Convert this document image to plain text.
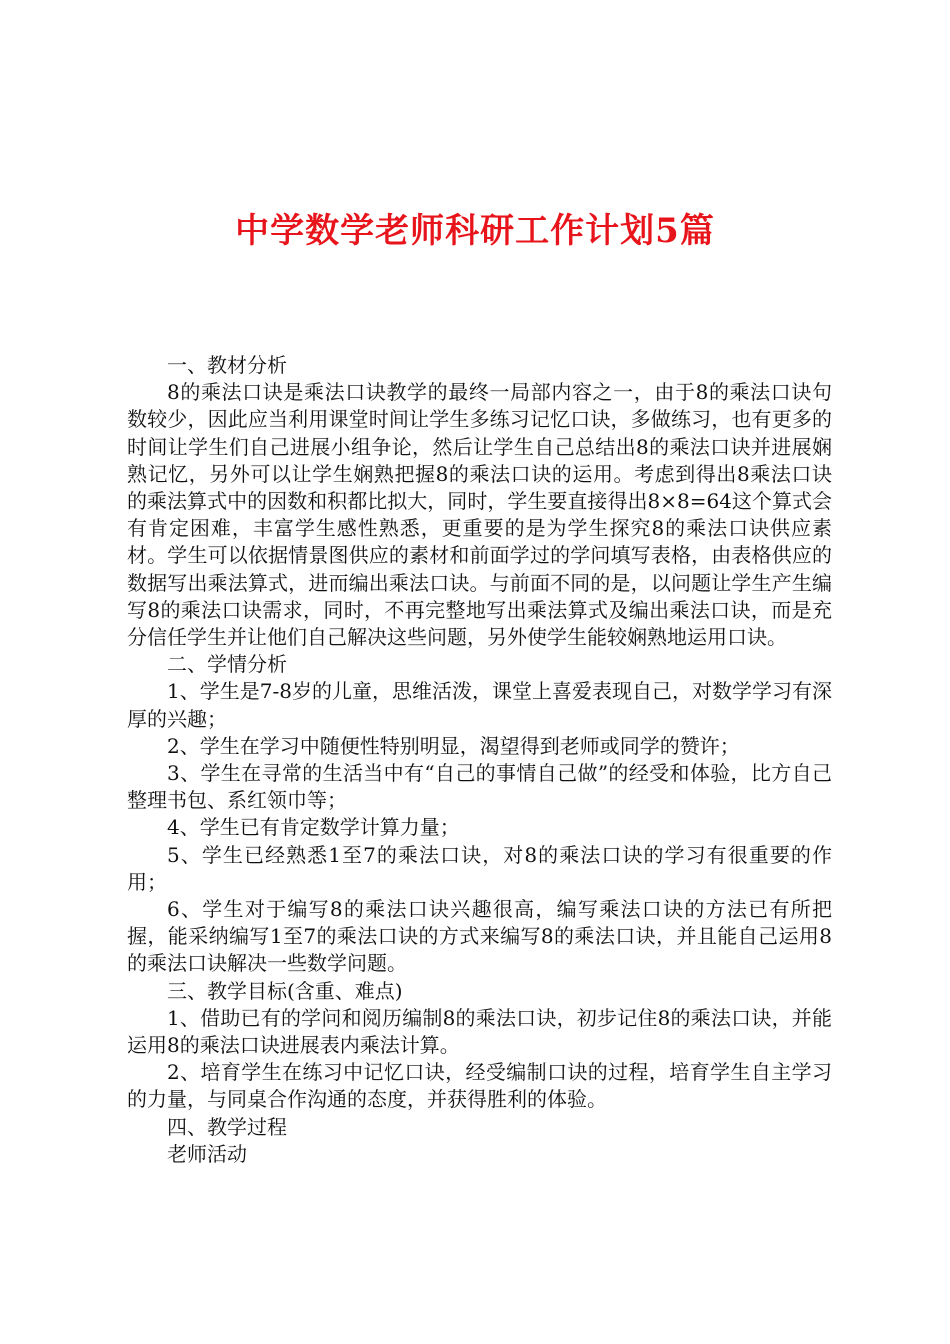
中学数学老师科研工作计划5篇

一、教材分析

8的乘法口诀是乘法口诀教学的最终一局部内容之一，由于8的乘法口诀句数较少，因此应当利用课堂时间让学生多练习记忆口诀，多做练习，也有更多的时间让学生们自己进展小组争论，然后让学生自己总结出8的乘法口诀并进展娴熟记忆，另外可以让学生娴熟把握8的乘法口诀的运用。考虑到得出8乘法口诀的乘法算式中的因数和积都比拟大，同时，学生要直接得出8×8=64这个算式会有肯定困难，丰富学生感性熟悉，更重要的是为学生探究8的乘法口诀供应素材。学生可以依据情景图供应的素材和前面学过的学问填写表格，由表格供应的数据写出乘法算式，进而编出乘法口诀。与前面不同的是，以问题让学生产生编写8的乘法口诀需求，同时，不再完整地写出乘法算式及编出乘法口诀，而是充分信任学生并让他们自己解决这些问题，另外使学生能较娴熟地运用口诀。

二、学情分析

1、学生是7-8岁的儿童，思维活泼，课堂上喜爱表现自己，对数学学习有深厚的兴趣；

2、学生在学习中随便性特别明显，渴望得到老师或同学的赞许；

3、学生在寻常的生活当中有“自己的事情自己做”的经受和体验，比方自己整理书包、系红领巾等；

4、学生已有肯定数学计算力量；

5、学生已经熟悉1至7的乘法口诀，对8的乘法口诀的学习有很重要的作用；

6、学生对于编写8的乘法口诀兴趣很高，编写乘法口诀的方法已有所把握，能采纳编写1至7的乘法口诀的方式来编写8的乘法口诀，并且能自己运用8的乘法口诀解决一些数学问题。

三、教学目标(含重、难点)

1、借助已有的学问和阅历编制8的乘法口诀，初步记住8的乘法口诀，并能运用8的乘法口诀进展表内乘法计算。

2、培育学生在练习中记忆口诀，经受编制口诀的过程，培育学生自主学习的力量，与同桌合作沟通的态度，并获得胜利的体验。

四、教学过程

老师活动
